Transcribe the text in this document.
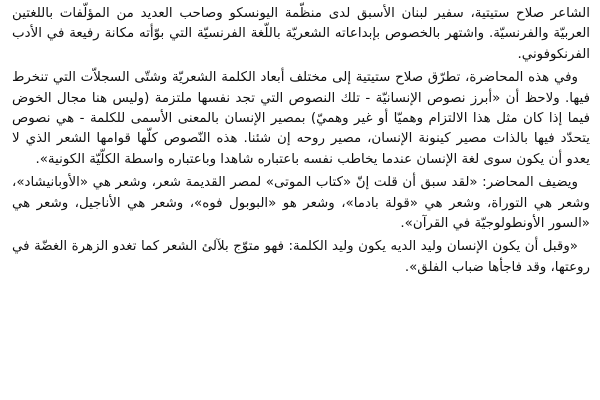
الشاعر صلاح ستيتية، سفير لبنان الأسبق لدى منظّمة اليونسكو وصاحب العديد من المؤلّفات باللغتين العربيّة والفرنسيّة. واشتهر بالخصوص بإبداعاته الشعريّة باللّغة الفرنسيّة التي بوّأته مكانة رفيعة في الأدب الفرنكوفوني.

وفي هذه المحاضرة، تطرّق صلاح ستيتية إلى مختلف أبعاد الكلمة الشعريّة وشتّى السجلاّت التي تنخرط فيها. ولاحظ أن «أبرز نصوص الإنسانيّة - تلك النصوص التي تجد نفسها ملتزمة (وليس هنا مجال الخوض فيما إذا كان مثل هذا الالتزام وهميّا أو غير وهميّ) بمصير الإنسان بالمعنى الأسمى للكلمة - هي نصوص يتحدّد فيها بالذات مصير كينونة الإنسان، مصير روحه إن شئنا. هذه النّصوص كلّها قوامها الشعر الذي لا يعدو أن يكون سوى لغة الإنسان عندما يخاطب نفسه باعتباره شاهدا وباعتباره واسطة الكلّيّة الكونية».

ويضيف المحاضر: «لقد سبق أن قلت إنّ «كتاب الموتى» لمصر القديمة شعر، وشعر هي «الأوبانيشاد»، وشعر هي التوراة، وشعر هي «قولة بادما»، وشعر هو «البوبول فوه»، وشعر هي الأناجيل، وشعر هي «السور الأونطولوجيّة في القرآن».

«وقبل أن يكون الإنسان وليد الديه يكون وليد الكلمة: فهو متوّج بلآلئ الشعر كما تغدو الزهرة الغضّة في روعتها، وقد فاجأها ضباب الفلق».
